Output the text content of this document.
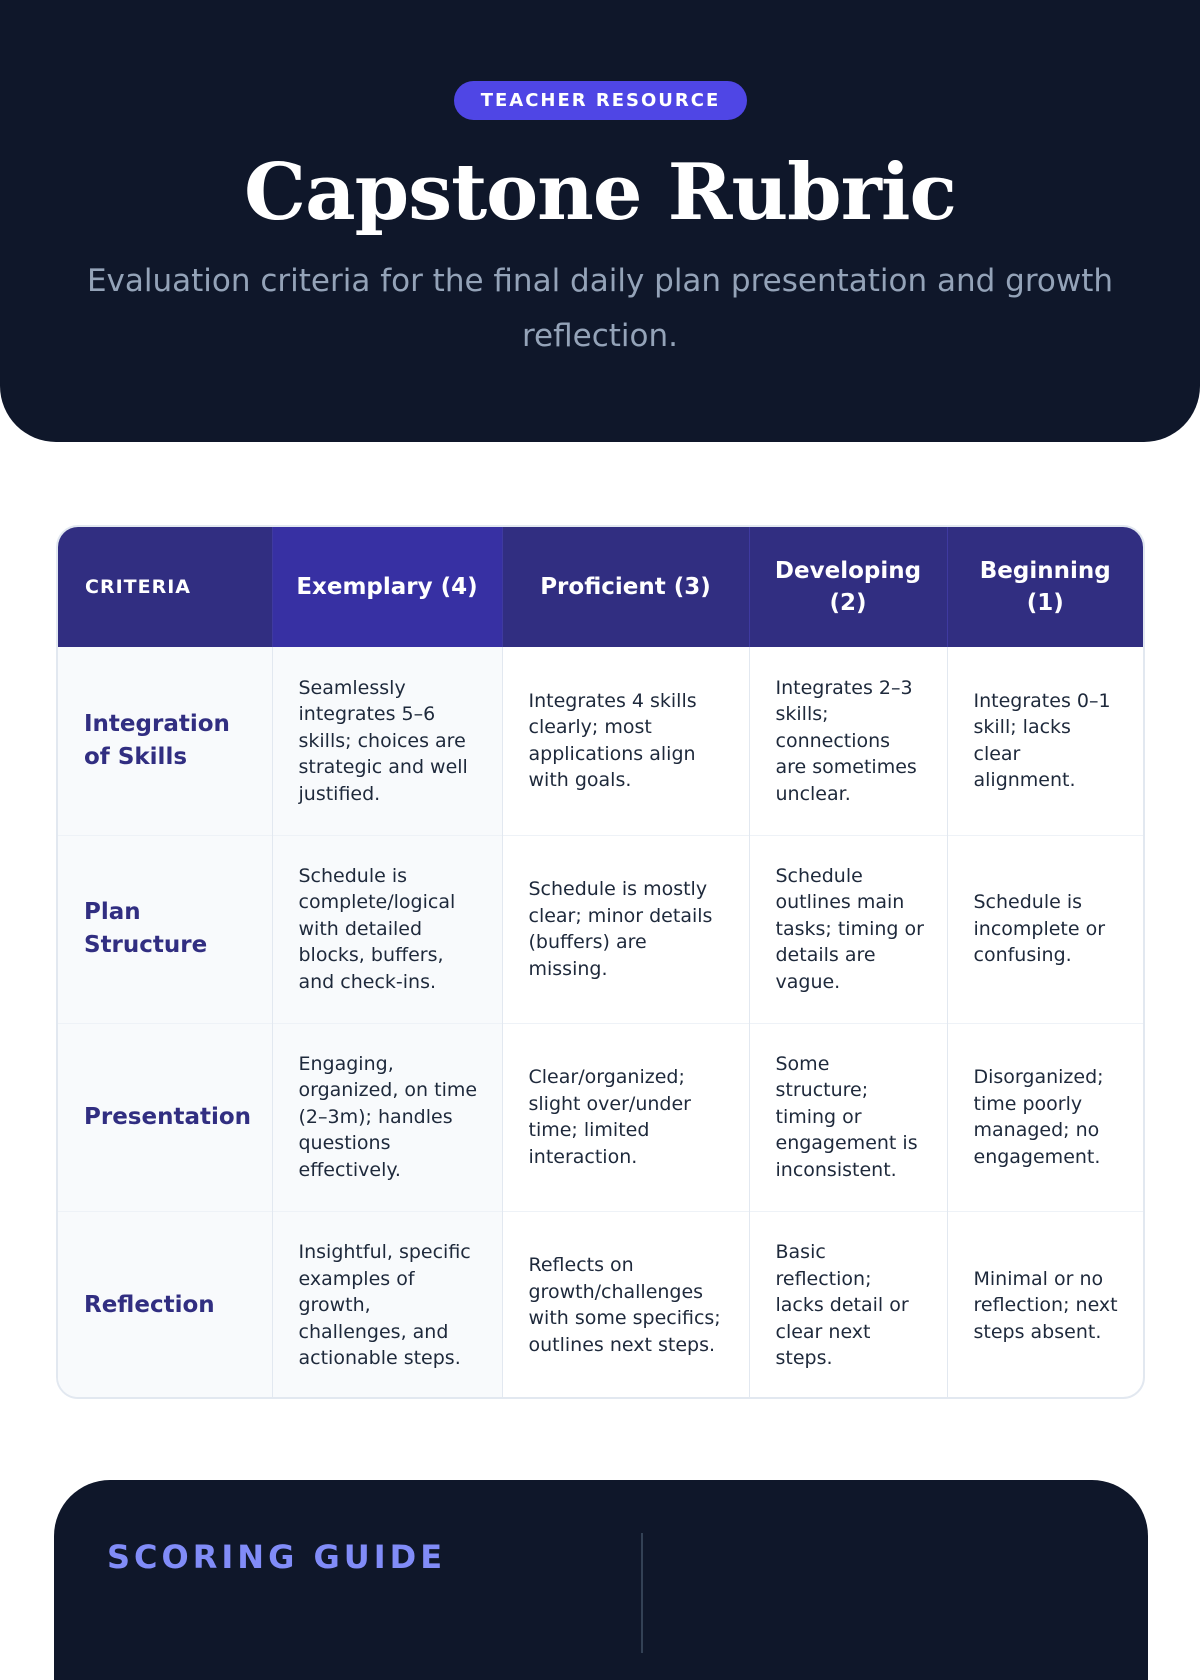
TEACHER RESOURCE
Capstone Rubric

Evaluation criteria for the final daily plan presentation and growth reflection.

CRITERIA	Exemplary (4)	Proficient (3)	Developing (2)	Beginning (1)
Integration of Skills	Seamlessly integrates 5–6 skills; choices are strategic and well justified.	Integrates 4 skills clearly; most applications align with goals.	Integrates 2–3 skills; connections are sometimes unclear.	Integrates 0–1 skill; lacks clear alignment.
Plan Structure	Schedule is complete/logical with detailed blocks, buffers, and check-ins.	Schedule is mostly clear; minor details (buffers) are missing.	Schedule outlines main tasks; timing or details are vague.	Schedule is incomplete or confusing.
Presentation	Engaging, organized, on time (2–3m); handles questions effectively.	Clear/organized; slight over/under time; limited interaction.	Some structure; timing or engagement is inconsistent.	Disorganized; time poorly managed; no engagement.
Reflection	Insightful, specific examples of growth, challenges, and actionable steps.	Reflects on growth/challenges with some specifics; outlines next steps.	Basic reflection; lacks detail or clear next steps.	Minimal or no reflection; next steps absent.
SCORING GUIDE
